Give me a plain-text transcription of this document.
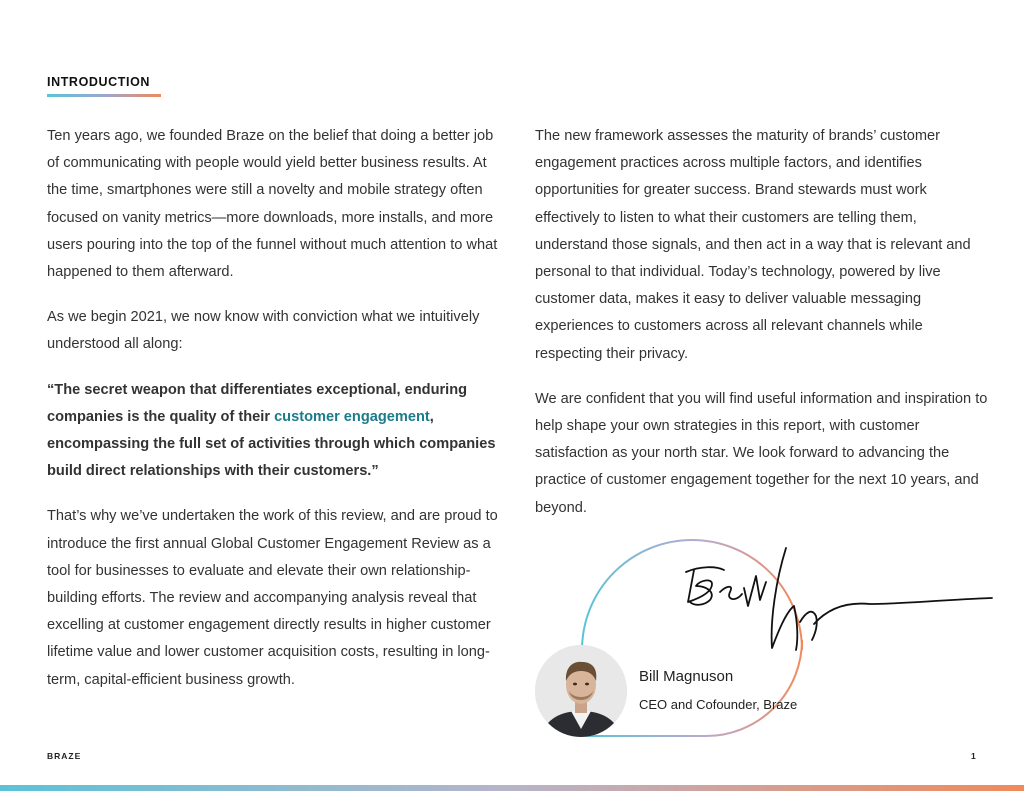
INTRODUCTION

Ten years ago, we founded Braze on the belief that doing a better job of communicating with people would yield better business results. At the time, smartphones were still a novelty and mobile strategy often focused on vanity metrics—more downloads, more installs, and more users pouring into the top of the funnel without much attention to what happened to them afterward.

As we begin 2021, we now know with conviction what we intuitively understood all along:

“The secret weapon that differentiates exceptional, enduring companies is the quality of their customer engagement, encompassing the full set of activities through which companies build direct relationships with their customers.”

That’s why we’ve undertaken the work of this review, and are proud to introduce the first annual Global Customer Engagement Review as a tool for businesses to evaluate and elevate their own relationship-building efforts. The review and accompanying analysis reveal that excelling at customer engagement directly results in higher customer lifetime value and lower customer acquisition costs, resulting in long-term, capital-efficient business growth.

The new framework assesses the maturity of brands’ customer engagement practices across multiple factors, and identifies opportunities for greater success. Brand stewards must work effectively to listen to what their customers are telling them, understand those signals, and then act in a way that is relevant and personal to that individual. Today’s technology, powered by live customer data, makes it easy to deliver valuable messaging experiences to customers across all relevant channels while respecting their privacy.

We are confident that you will find useful information and inspiration to help shape your own strategies in this report, with customer satisfaction as your north star. We look forward to advancing the practice of customer engagement together for the next 10 years, and beyond.

Bill Magnuson
CEO and Cofounder, Braze
BRAZE	1
